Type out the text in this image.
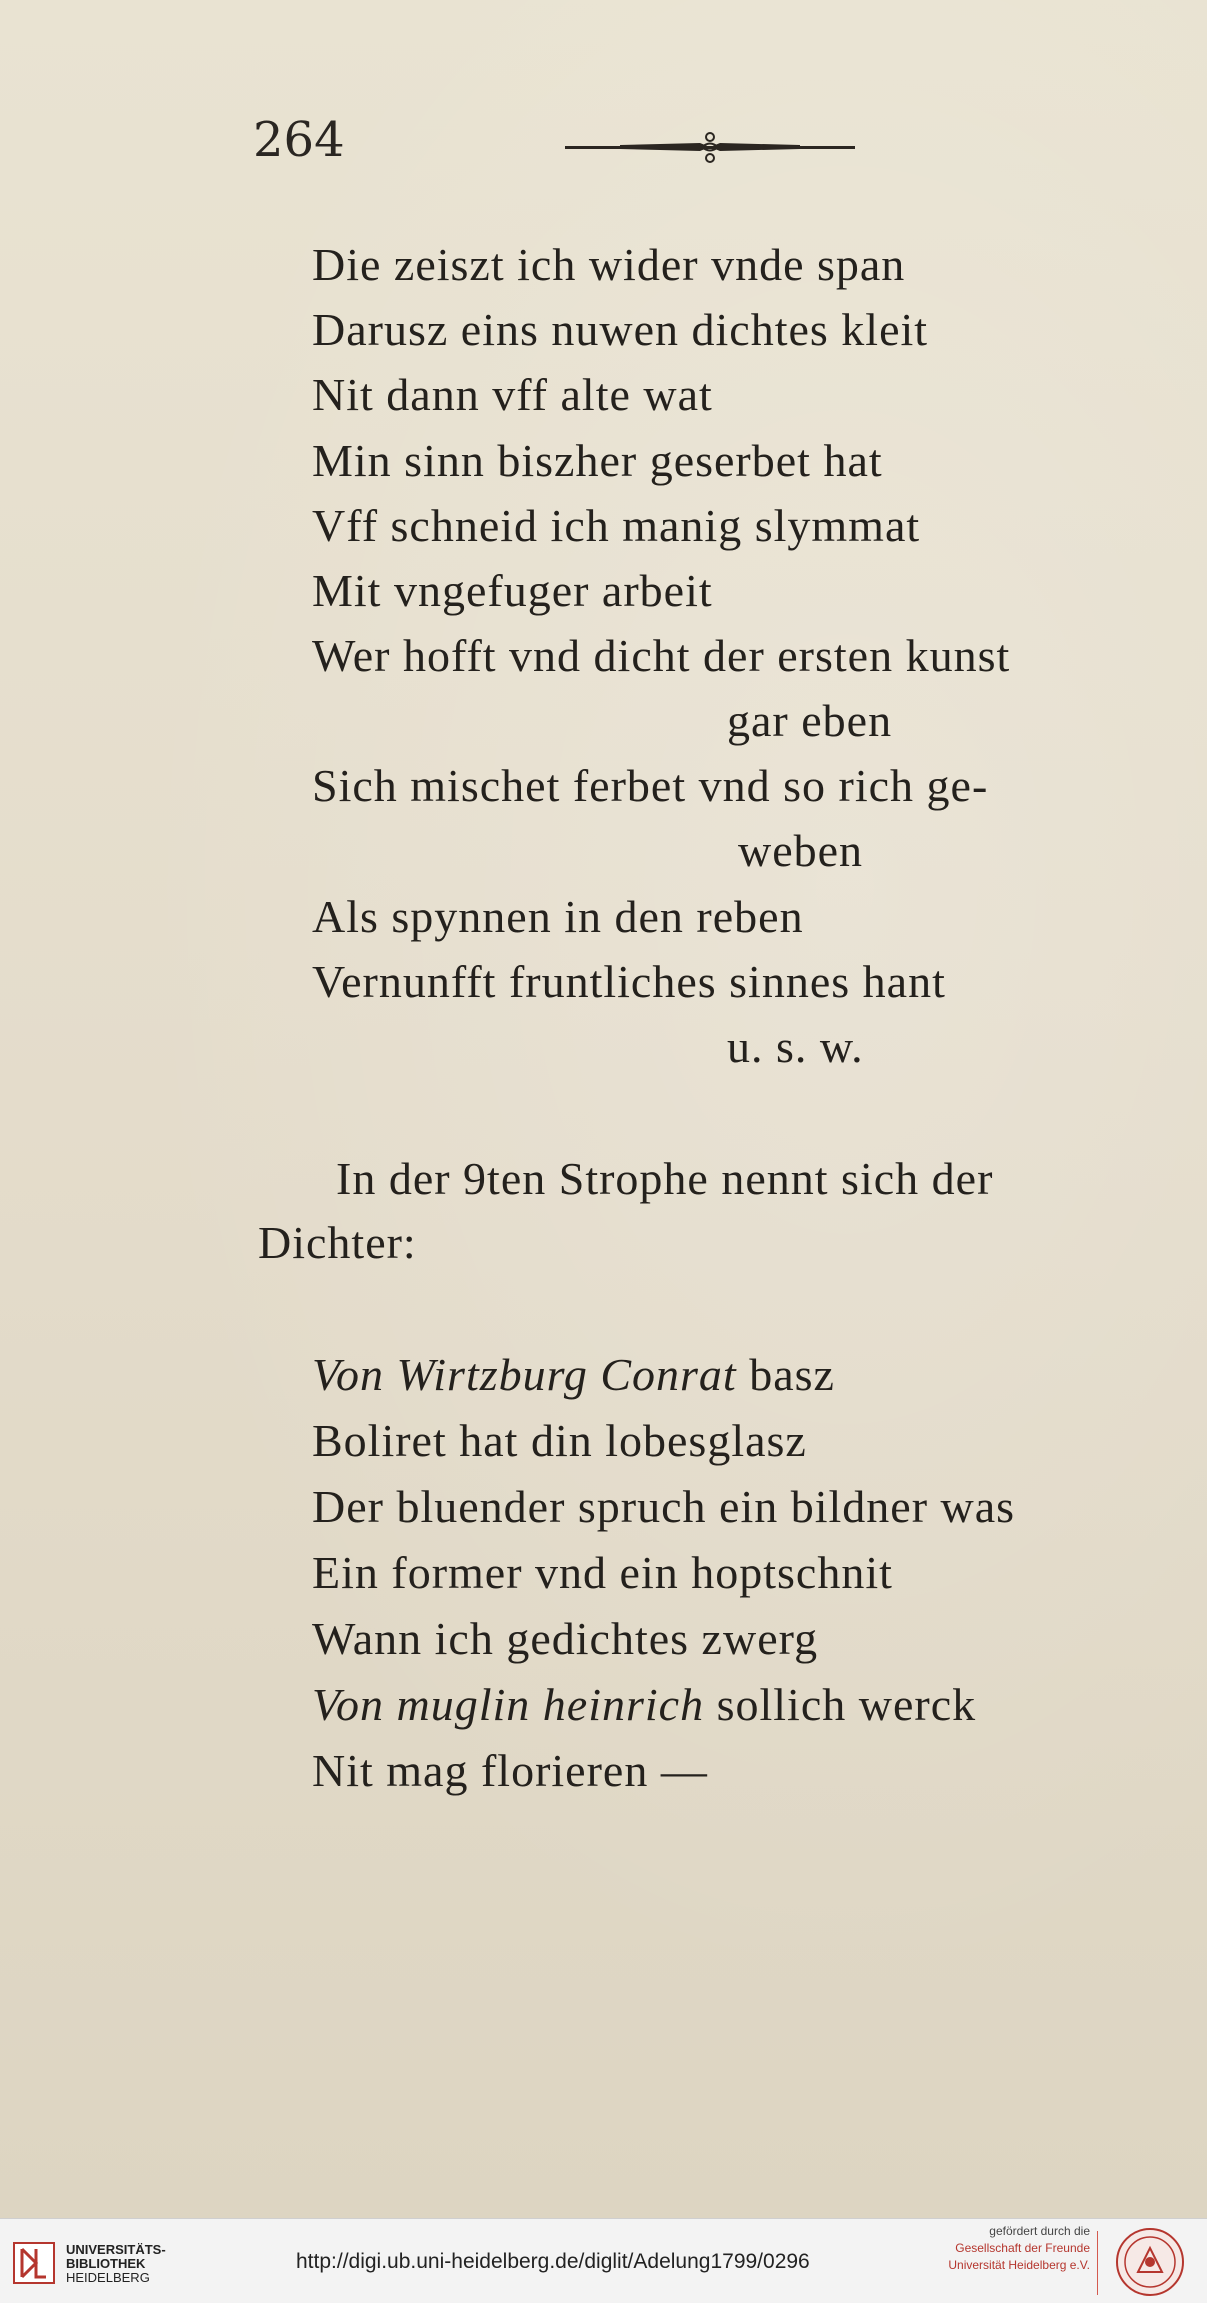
264
Die zeiszt ich wider vnde span
Darusz eins nuwen dichtes kleit
Nit dann vff alte wat
Min sinn biszher geserbet hat
Vff schneid ich manig slymmat
Mit vngefuger arbeit
Wer hofft vnd dicht der ersten kunst
gar eben
Sich mischet ferbet vnd so rich ge-
weben
Als spynnen in den reben
Vernunfft fruntliches sinnes hant
u. s. w.
In der 9ten Strophe nennt sich der
Dichter:
Von Wirtzburg Conrat basz
Boliret hat din lobesglasz
Der bluender spruch ein bildner was
Ein former vnd ein hoptschnit
Wann ich gedichtes zwerg
Von muglin heinrich sollich werck
Nit mag florieren —
UNIVERSITÄTS-
BIBLIOTHEK
HEIDELBERG
http://digi.ub.uni-heidelberg.de/diglit/Adelung1799/0296
gefördert durch die
Gesellschaft der Freunde
Universität Heidelberg e.V.
